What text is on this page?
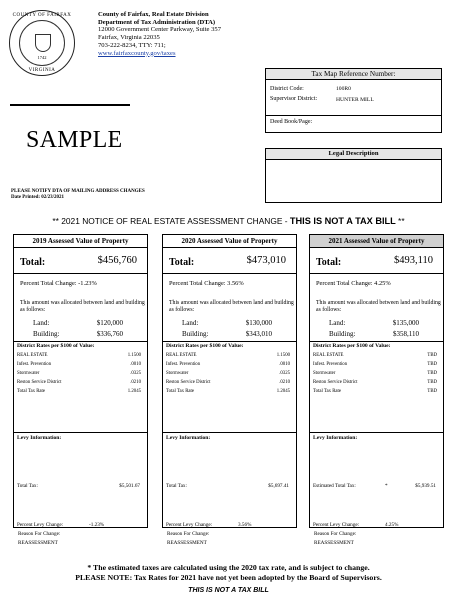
COUNTY OF FAIRFAX
1742
VIRGINIA
County of Fairfax, Real Estate Division
Department of Tax Administration (DTA)
12000 Government Center Parkway, Suite 357
Fairfax, Virginia 22035
703-222-8234, TTY: 711;
www.fairfaxcounty.gov/taxes
Tax Map Reference Number:
District Code:	100R0
Supervisor District:	HUNTER MILL
Deed Book/Page:
SAMPLE
Legal Description
PLEASE NOTIFY DTA OF MAILING ADDRESS CHANGES
Date Printed: 02/23/2021
** 2021 NOTICE OF REAL ESTATE ASSESSMENT CHANGE - THIS IS NOT A TAX BILL **
2019 Assessed Value of Property
Total:	$456,760
Percent Total Change: -1.23%
This amount was allocated between land and building as follows:
Land:	$120,000
Building:	$336,760
District Rates per $100 of Value:
REAL ESTATE	1.1500
Infest. Prevention	.0010
Stormwater	.0325
Reston Service District	.0210
Total Tax Rate	1.2045
Levy Information:
Total Tax:	$5,501.67
Percent Levy Change:	-1.23%
Reason For Change:
REASSESSMENT
2020 Assessed Value of Property
Total:	$473,010
Percent Total Change: 3.56%
This amount was allocated between land and building as follows:
Land:	$130,000
Building:	$343,010
District Rates per $100 of Value:
REAL ESTATE	1.1500
Infest. Prevention	.0010
Stormwater	.0325
Reston Service District	.0210
Total Tax Rate	1.2045
Levy Information:
Total Tax:	$5,697.41
Percent Levy Change:	3.56%
Reason For Change:
REASSESSMENT
2021 Assessed Value of Property
Total:	$493,110
Percent Total Change: 4.25%
This amount was allocated between land and building as follows:
Land:	$135,000
Building:	$358,110
District Rates per $100 of Value:
REAL ESTATE	TBD
Infest. Prevention	TBD
Stormwater	TBD
Reston Service District	TBD
Total Tax Rate	TBD
Levy Information:
Estimated Total Tax:	*	$5,939.51
Percent Levy Change:	4.25%
Reason For Change:
REASSESSMENT
* The estimated taxes are calculated using the 2020 tax rate, and is subject to change.
PLEASE NOTE: Tax Rates for 2021 have not yet been adopted by the Board of Supervisors.
THIS IS NOT A TAX BILL
